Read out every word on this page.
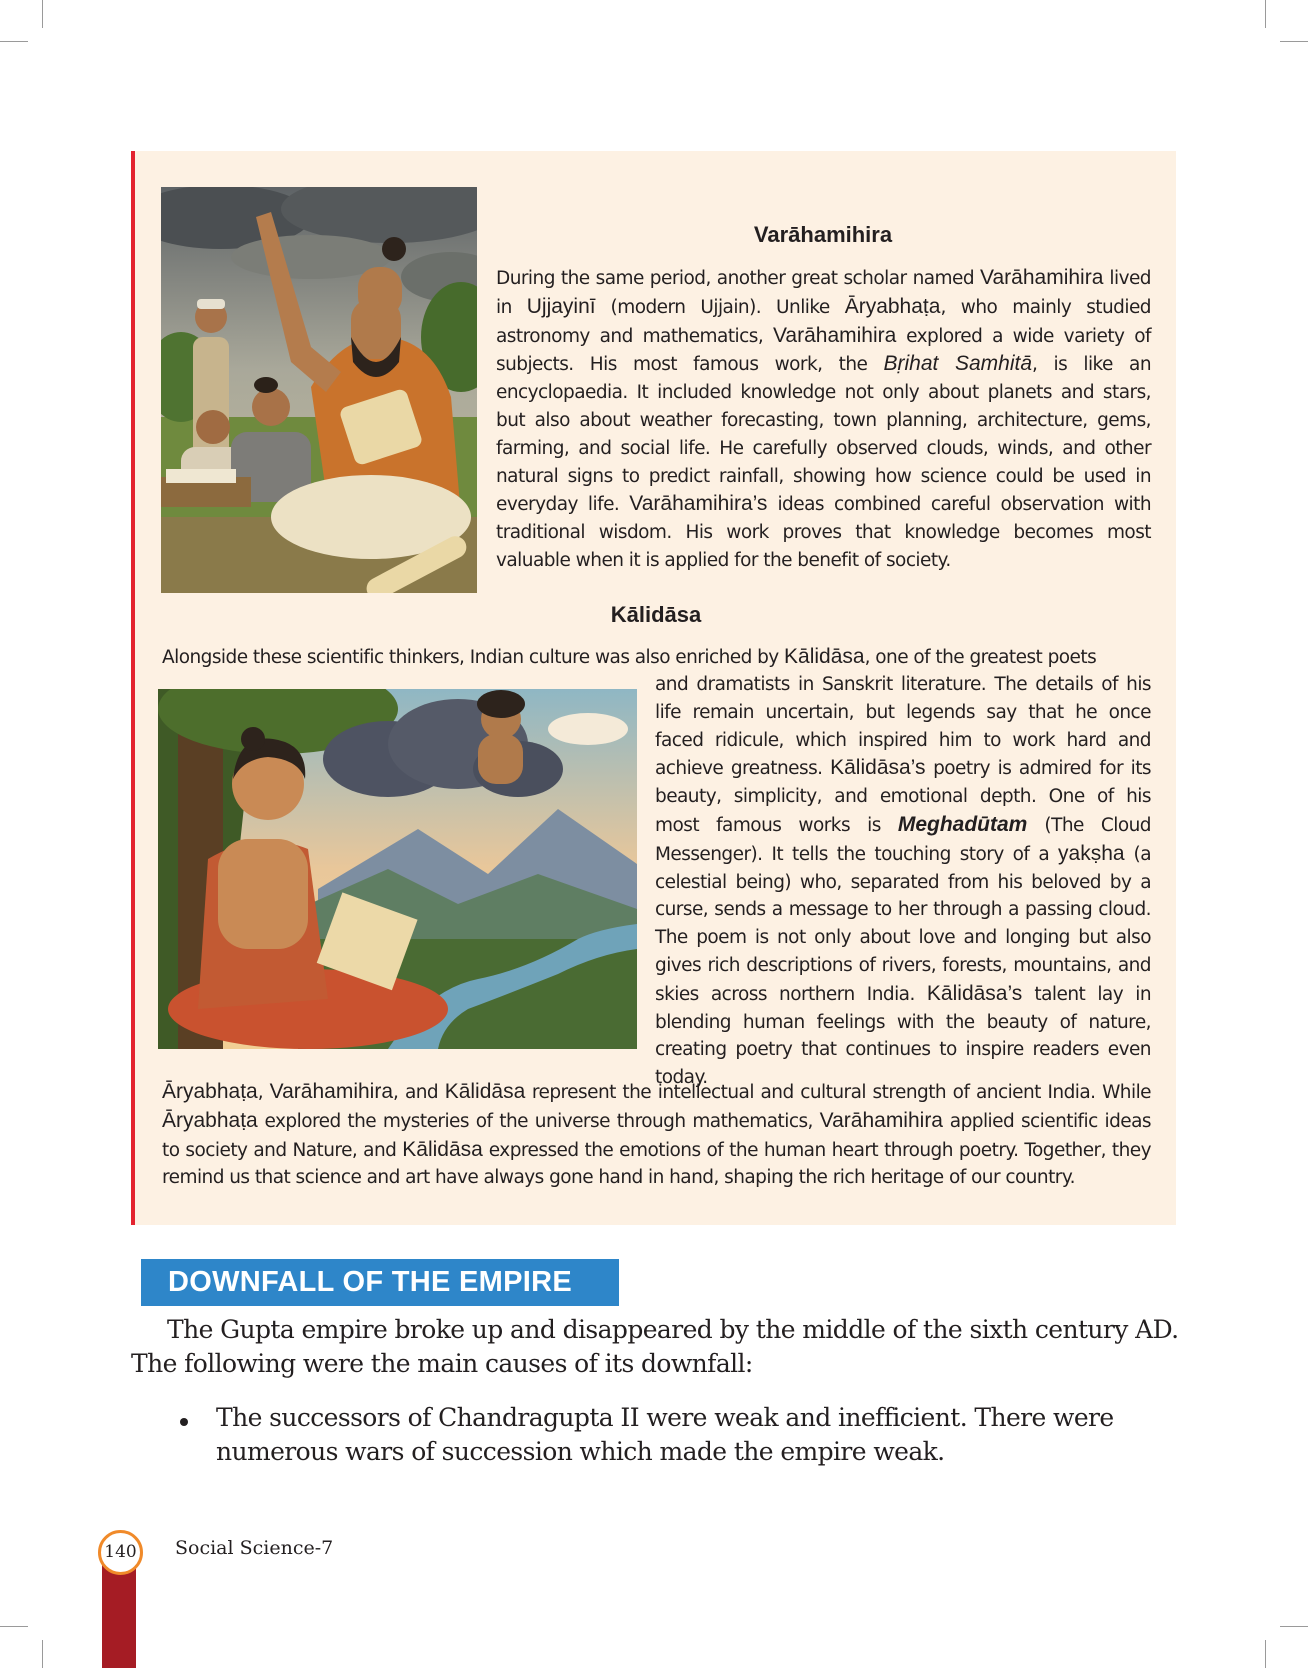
Varāhamihira

During the same period, another great scholar named Varāhamihira lived in Ujjayinī (modern Ujjain). Unlike Āryabhaṭa, who mainly studied astronomy and mathematics, Varāhamihira explored a wide variety of subjects. His most famous work, the Bṛihat Samhitā, is like an encyclopaedia. It included knowledge not only about planets and stars, but also about weather forecasting, town planning, architecture, gems, farming, and social life. He carefully observed clouds, winds, and other natural signs to predict rainfall, showing how science could be used in everyday life. Varāhamihira’s ideas combined careful observation with traditional wisdom. His work proves that knowledge becomes most valuable when it is applied for the benefit of society.

Kālidāsa

Alongside these scientific thinkers, Indian culture was also enriched by Kālidāsa, one of the greatest poets

and dramatists in Sanskrit literature. The details of his life remain uncertain, but legends say that he once faced ridicule, which inspired him to work hard and achieve greatness. Kālidāsa’s poetry is admired for its beauty, simplicity, and emotional depth. One of his most famous works is Meghadūtam (The Cloud Messenger). It tells the touching story of a yakṣha (a celestial being) who, separated from his beloved by a curse, sends a message to her through a passing cloud. The poem is not only about love and longing but also gives rich descriptions of rivers, forests, mountains, and skies across northern India. Kālidāsa’s talent lay in blending human feelings with the beauty of nature, creating poetry that continues to inspire readers even today.

Āryabhaṭa, Varāhamihira, and Kālidāsa represent the intellectual and cultural strength of ancient India. While Āryabhaṭa explored the mysteries of the universe through mathematics, Varāhamihira applied scientific ideas to society and Nature, and Kālidāsa expressed the emotions of the human heart through poetry. Together, they remind us that science and art have always gone hand in hand, shaping the rich heritage of our country.

DOWNFALL OF THE EMPIRE

The Gupta empire broke up and disappeared by the middle of the sixth century AD. The following were the main causes of its downfall:

The successors of Chandragupta II were weak and inefficient. There were numerous wars of succession which made the empire weak.

140	Social Science-7
